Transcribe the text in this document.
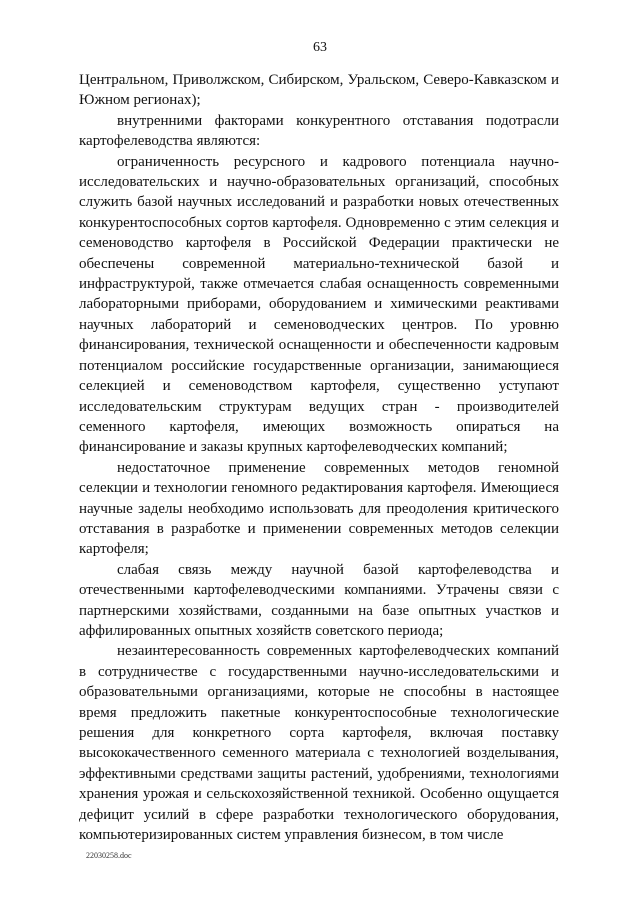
63

Центральном, Приволжском, Сибирском, Уральском, Северо-Кавказском и Южном регионах);

внутренними факторами конкурентного отставания подотрасли картофелеводства являются:

ограниченность ресурсного и кадрового потенциала научно-исследовательских и научно-образовательных организаций, способных служить базой научных исследований и разработки новых отечественных конкурентоспособных сортов картофеля. Одновременно с этим селекция и семеноводство картофеля в Российской Федерации практически не обеспечены современной материально-технической базой и инфраструктурой, также отмечается слабая оснащенность современными лабораторными приборами, оборудованием и химическими реактивами научных лабораторий и семеноводческих центров. По уровню финансирования, технической оснащенности и обеспеченности кадровым потенциалом российские государственные организации, занимающиеся селекцией и семеноводством картофеля, существенно уступают исследовательским структурам ведущих стран - производителей семенного картофеля, имеющих возможность опираться на финансирование и заказы крупных картофелеводческих компаний;

недостаточное применение современных методов геномной селекции и технологии геномного редактирования картофеля. Имеющиеся научные заделы необходимо использовать для преодоления критического отставания в разработке и применении современных методов селекции картофеля;

слабая связь между научной базой картофелеводства и отечественными картофелеводческими компаниями. Утрачены связи с партнерскими хозяйствами, созданными на базе опытных участков и аффилированных опытных хозяйств советского периода;

незаинтересованность современных картофелеводческих компаний в сотрудничестве с государственными научно-исследовательскими и образовательными организациями, которые не способны в настоящее время предложить пакетные конкурентоспособные технологические решения для конкретного сорта картофеля, включая поставку высококачественного семенного материала с технологией возделывания, эффективными средствами защиты растений, удобрениями, технологиями хранения урожая и сельскохозяйственной техникой. Особенно ощущается дефицит усилий в сфере разработки технологического оборудования, компьютеризированных систем управления бизнесом, в том числе

22030258.doc
